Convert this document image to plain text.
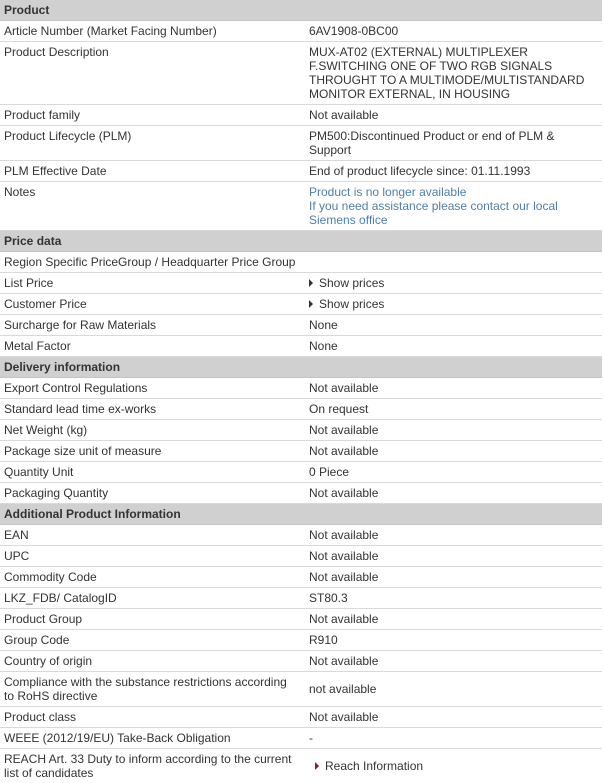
Product	
Article Number (Market Facing Number)	6AV1908-0BC00
Product Description	MUX-AT02 (EXTERNAL) MULTIPLEXER
F.SWITCHING ONE OF TWO RGB SIGNALS
THROUGHT TO A MULTIMODE/MULTISTANDARD
MONITOR EXTERNAL, IN HOUSING

Product family	Not available
Product Lifecycle (PLM)	PM500:Discontinued Product or end of PLM & Support
PLM Effective Date	End of product lifecycle since: 01.11.1993
Notes	Product is no longer available
If you need assistance please contact our local
Siemens office

Price data	
Region Specific PriceGroup / Headquarter Price Group	
List Price	Show prices
Customer Price	Show prices
Surcharge for Raw Materials	None
Metal Factor	None
Delivery information	
Export Control Regulations	Not available
Standard lead time ex-works	On request
Net Weight (kg)	Not available
Package size unit of measure	Not available
Quantity Unit	0 Piece
Packaging Quantity	Not available
Additional Product Information	
EAN	Not available
UPC	Not available
Commodity Code	Not available
LKZ_FDB/ CatalogID	ST80.3
Product Group	Not available
Group Code	R910
Country of origin	Not available

Compliance with the substance restrictions according
to RoHS directive	not available
Product class	Not available
WEEE (2012/19/EU) Take-Back Obligation	-

REACH Art. 33 Duty to inform according to the current
list of candidates	Reach Information
